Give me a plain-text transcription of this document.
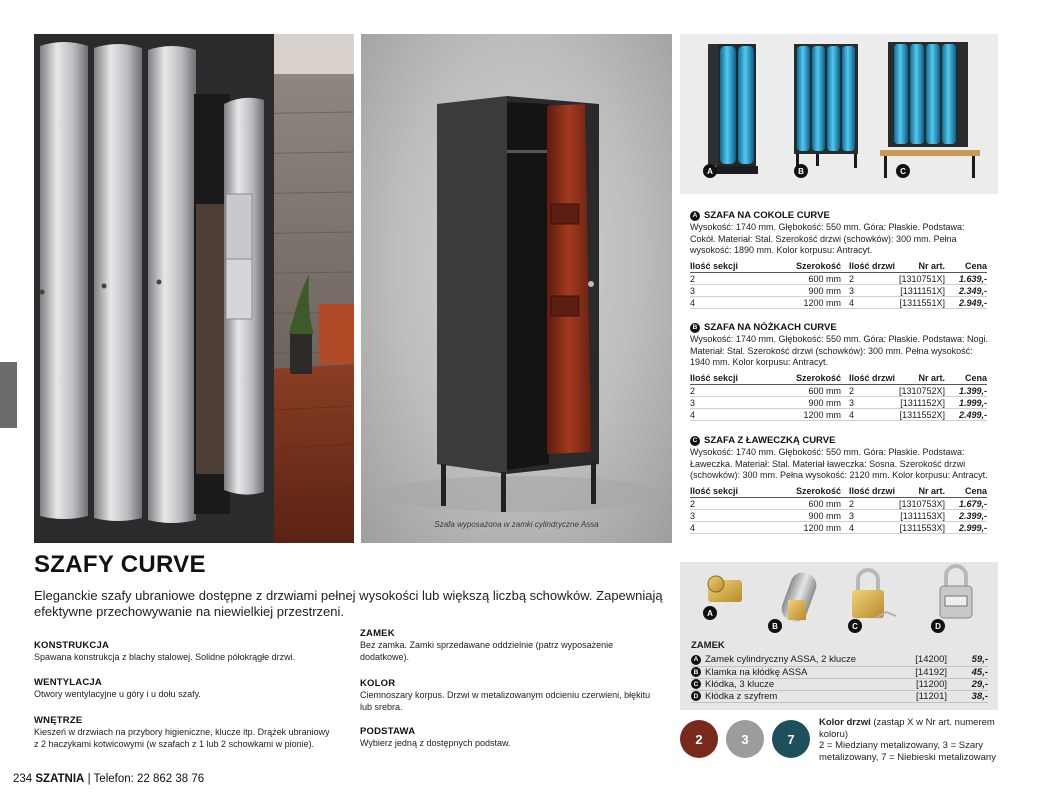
Szafa wyposażona w zamki cylindryczne Assa
A	B	C
A SZAFA NA COKOLE CURVE
Wysokość: 1740 mm. Głębokość: 550 mm. Góra: Płaskie. Podstawa: Cokół. Materiał: Stal. Szerokość drzwi (schowków): 300 mm. Pełna wysokość: 1890 mm. Kolor korpusu: Antracyt.
Ilość sekcji	Szerokość	Ilość drzwi	Nr art.	Cena
2	600 mm	2	[1310751X]	1.639,-
3	900 mm	3	[1311151X]	2.349,-
4	1200 mm	4	[1311551X]	2.949,-
B SZAFA NA NÓŻKACH CURVE
Wysokość: 1740 mm. Głębokość: 550 mm. Góra: Płaskie. Podstawa: Nogi. Materiał: Stal. Szerokość drzwi (schowków): 300 mm. Pełna wysokość: 1940 mm. Kolor korpusu: Antracyt.
Ilość sekcji	Szerokość	Ilość drzwi	Nr art.	Cena
2	600 mm	2	[1310752X]	1.399,-
3	900 mm	3	[1311152X]	1.999,-
4	1200 mm	4	[1311552X]	2.499,-
C SZAFA Z ŁAWECZKĄ CURVE
Wysokość: 1740 mm. Głębokość: 550 mm. Góra: Płaskie. Podstawa: Ławeczka. Materiał: Stal. Materiał ławeczka: Sosna. Szerokość drzwi (schowków): 300 mm. Pełna wysokość: 2120 mm. Kolor korpusu: Antracyt.
Ilość sekcji	Szerokość	Ilość drzwi	Nr art.	Cena
2	600 mm	2	[1310753X]	1.679,-
3	900 mm	3	[1311153X]	2.399,-
4	1200 mm	4	[1311553X]	2.999,-
SZAFY CURVE
Eleganckie szafy ubraniowe dostępne z drzwiami pełnej wysokości lub większą liczbą schowków. Zapewniają efektywne przechowywanie na niewielkiej przestrzeni.
KONSTRUKCJA
Spawana konstrukcja z blachy stalowej. Solidne półokrągłe drzwi.
WENTYLACJA
Otwory wentylacyjne u góry i u dołu szafy.
WNĘTRZE
Kieszeń w drzwiach na przybory higieniczne, klucze itp. Drążek ubraniowy z 2 haczykami kotwicowymi (w szafach z 1 lub 2 schowkami w pionie).
ZAMEK
Bez zamka. Zamki sprzedawane oddzielnie (patrz wyposażenie dodatkowe).
KOLOR
Ciemnoszary korpus. Drzwi w metalizowanym odcieniu czerwieni, błękitu lub srebra.
PODSTAWA
Wybierz jedną z dostępnych podstaw.
A
B	C	D
ZAMEK
A	Zamek cylindryczny ASSA, 2 klucze	[14200]	59,-

B	Klamka na kłódkę ASSA	[14192]	45,-

C	Kłódka, 3 klucze	[11200]	29,-

D	Kłódka z szyfrem	[11201]	38,-
2	3	7
Kolor drzwi (zastąp X w Nr art. numerem koloru)
2 = Miedziany metalizowany, 3 = Szary metalizowany, 7 = Niebieski metalizowany
234 SZATNIA | Telefon: 22 862 38 76
